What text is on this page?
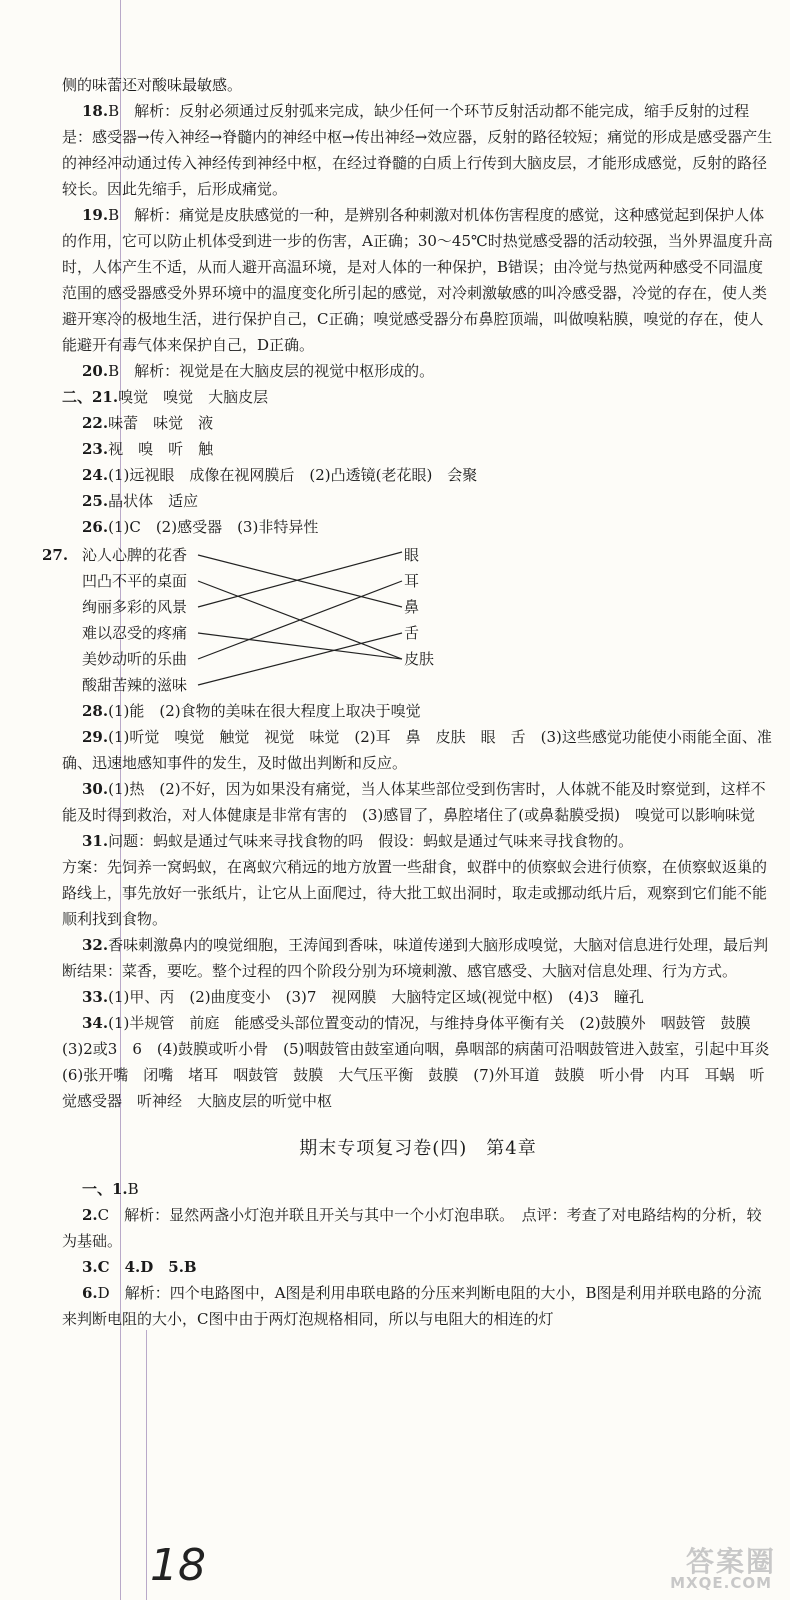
侧的味蕾还对酸味最敏感。

18.B　解析：反射必须通过反射弧来完成，缺少任何一个环节反射活动都不能完成，缩手反射的过程是：感受器→传入神经→脊髓内的神经中枢→传出神经→效应器，反射的路径较短；痛觉的形成是感受器产生的神经冲动通过传入神经传到神经中枢，在经过脊髓的白质上行传到大脑皮层，才能形成感觉，反射的路径较长。因此先缩手，后形成痛觉。

19.B　解析：痛觉是皮肤感觉的一种，是辨别各种刺激对机体伤害程度的感觉，这种感觉起到保护人体的作用，它可以防止机体受到进一步的伤害，A正确；30～45℃时热觉感受器的活动较强，当外界温度升高时，人体产生不适，从而人避开高温环境，是对人体的一种保护，B错误；由冷觉与热觉两种感受不同温度范围的感受器感受外界环境中的温度变化所引起的感觉，对冷刺激敏感的叫冷感受器，冷觉的存在，使人类避开寒冷的极地生活，进行保护自己，C正确；嗅觉感受器分布鼻腔顶端，叫做嗅粘膜，嗅觉的存在，使人能避开有毒气体来保护自己，D正确。

20.B　解析：视觉是在大脑皮层的视觉中枢形成的。

二、21.嗅觉　嗅觉　大脑皮层

22.味蕾　味觉　液

23.视　嗅　听　触

24.(1)远视眼　成像在视网膜后　(2)凸透镜(老花眼)　会聚

25.晶状体　适应

26.(1)C　(2)感受器　(3)非特异性

27. 沁人心脾的花香
凹凸不平的桌面
绚丽多彩的风景
难以忍受的疼痛
美妙动听的乐曲
酸甜苦辣的滋味
眼
耳
鼻
舌
皮肤

28.(1)能　(2)食物的美味在很大程度上取决于嗅觉

29.(1)听觉　嗅觉　触觉　视觉　味觉　(2)耳　鼻　皮肤　眼　舌　(3)这些感觉功能使小雨能全面、准确、迅速地感知事件的发生，及时做出判断和反应。

30.(1)热　(2)不好，因为如果没有痛觉，当人体某些部位受到伤害时，人体就不能及时察觉到，这样不能及时得到救治，对人体健康是非常有害的　(3)感冒了，鼻腔堵住了(或鼻黏膜受损)　嗅觉可以影响味觉

31.问题：蚂蚁是通过气味来寻找食物的吗　假设：蚂蚁是通过气味来寻找食物的。

方案：先饲养一窝蚂蚁，在离蚁穴稍远的地方放置一些甜食，蚁群中的侦察蚁会进行侦察，在侦察蚁返巢的路线上，事先放好一张纸片，让它从上面爬过，待大批工蚁出洞时，取走或挪动纸片后，观察到它们能不能顺利找到食物。

32.香味刺激鼻内的嗅觉细胞，王涛闻到香味，味道传递到大脑形成嗅觉，大脑对信息进行处理，最后判断结果：菜香，要吃。整个过程的四个阶段分别为环境刺激、感官感受、大脑对信息处理、行为方式。

33.(1)甲、丙　(2)曲度变小　(3)7　视网膜　大脑特定区域(视觉中枢)　(4)3　瞳孔

34.(1)半规管　前庭　能感受头部位置变动的情况，与维持身体平衡有关　(2)鼓膜外　咽鼓管　鼓膜　(3)2或3　6　(4)鼓膜或听小骨　(5)咽鼓管由鼓室通向咽，鼻咽部的病菌可沿咽鼓管进入鼓室，引起中耳炎　(6)张开嘴　闭嘴　堵耳　咽鼓管　鼓膜　大气压平衡　鼓膜　(7)外耳道　鼓膜　听小骨　内耳　耳蜗　听觉感受器　听神经　大脑皮层的听觉中枢

期末专项复习卷(四)　第4章

一、1.B

2.C　解析：显然两盏小灯泡并联且开关与其中一个小灯泡串联。　点评：考查了对电路结构的分析，较为基础。

3.C　4.D　5.B

6.D　解析：四个电路图中，A图是利用串联电路的分压来判断电阻的大小，B图是利用并联电路的分流来判断电阻的大小，C图中由于两灯泡规格相同，所以与电阻大的相连的灯

18	答案圈
MXQE.COM
